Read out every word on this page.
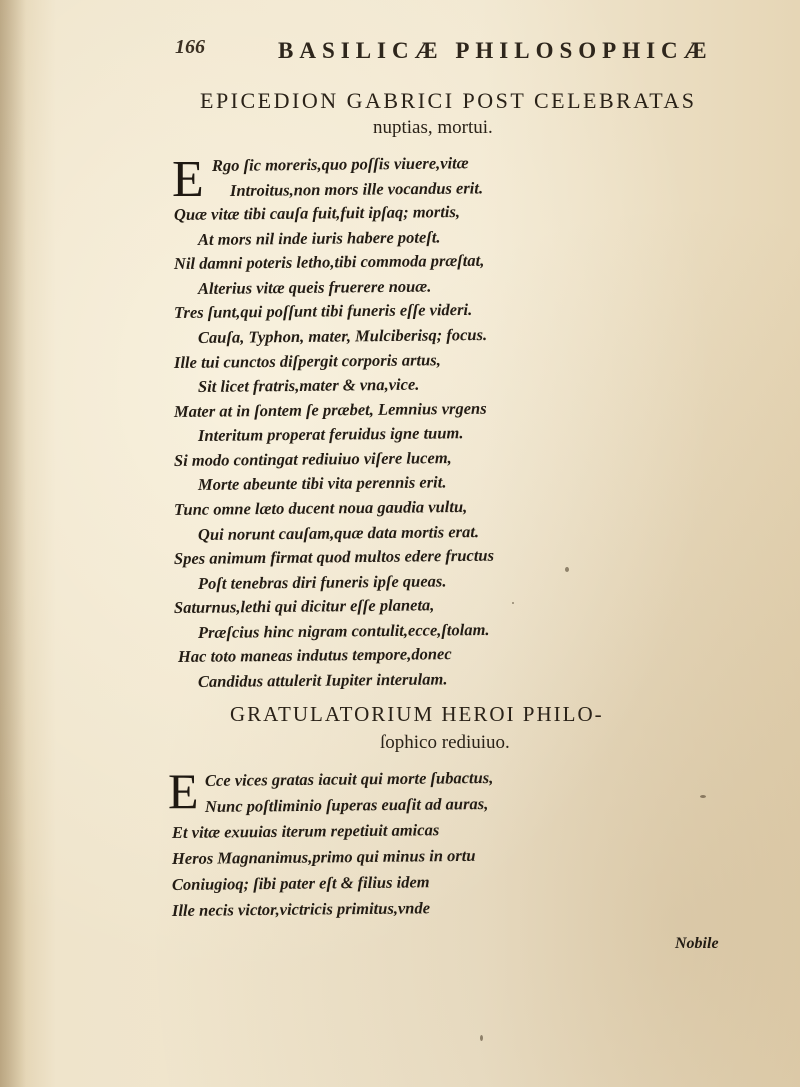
166	BASILICÆ PHILOSOPHICÆ
EPICEDION GABRICI POST CELEBRATAS
nuptias, mortui.
E Rgo ſic moreris,quo poſſis viuere,vitæ
Introitus,non mors ille vocandus erit.
Quæ vitæ tibi cauſa fuit,fuit ipſaq; mortis,
At mors nil inde iuris habere poteſt.
Nil damni poteris letho,tibi commoda præſtat,
Alterius vitæ queis fruerere nouæ.
Tres ſunt,qui poſſunt tibi funeris eſſe videri.
Cauſa, Typhon, mater, Mulciberisq; focus.
Ille tui cunctos diſpergit corporis artus,
Sit licet fratris,mater & vna,vice.
Mater at in ſontem ſe præbet, Lemnius vrgens
Interitum properat feruidus igne tuum.
Si modo contingat rediuiuo viſere lucem,
Morte abeunte tibi vita perennis erit.
Tunc omne læto ducent noua gaudia vultu,
Qui norunt cauſam,quæ data mortis erat.
Spes animum firmat quod multos edere fructus
Poſt tenebras diri funeris ipſe queas.
Saturnus,lethi qui dicitur eſſe planeta,
Præſcius hinc nigram contulit,ecce,ſtolam.
GRATULATORIUM HEROI PHILO-
ſophico rediuiuo.
E Cce vices gratas iacuit qui morte ſubactus,
Nunc poſtliminio ſuperas euaſit ad auras,
Et vitæ exuuias iterum repetiuit amicas
Heros Magnanimus,primo qui minus in ortu
Coniugioq; ſibi pater eſt & filius idem
Ille necis victor,victricis primitus,vnde
Nobile
Hac toto maneas indutus tempore,donec
Candidus attulerit Iupiter interulam.
